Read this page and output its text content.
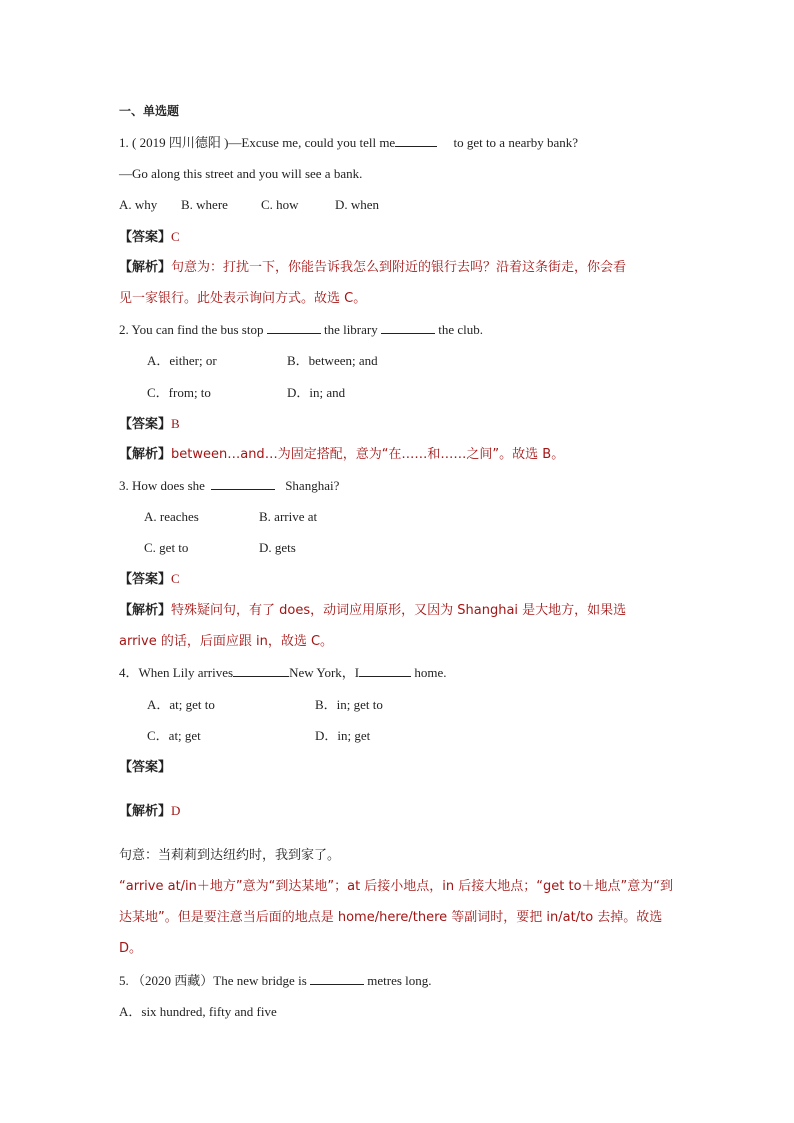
一、单选题
1. ( 2019 四川德阳 )—Excuse me, could you tell me	to get to a nearby bank?
—Go along this street and you will see a bank.
A. why B. where	C. how	D. when
【答案】C
【解析】句意为：打扰一下，你能告诉我怎么到附近的银行去吗？沿着这条街走，你会看
见一家银行。此处表示询问方式。故选 C。
2. You can find the bus stop	the library	the club.
A．either; or	B．between; and
C．from; to	D．in; and
【答案】B
【解析】between…and…为固定搭配，意为“在……和……之间”。故选 B。
3. How does she	Shanghai?
A. reaches	B. arrive at
C. get to	D. gets
【答案】C
【解析】特殊疑问句，有了 does，动词应用原形，又因为 Shanghai 是大地方，如果选
arrive 的话，后面应跟 in，故选 C。
4．When Lily arrives	New York，I	home.
A．at; get to	B．in; get to
C．at; get	D．in; get
【答案】
【解析】D
句意：当莉莉到达纽约时，我到家了。
“arrive at/in＋地方”意为“到达某地”；at 后接小地点，in 后接大地点；“get to＋地点”意为“到
达某地”。但是要注意当后面的地点是 home/here/there 等副词时，要把 in/at/to 去掉。故选
D。
5. （2020 西藏）The new bridge is	metres long.
A．six hundred, fifty and five
